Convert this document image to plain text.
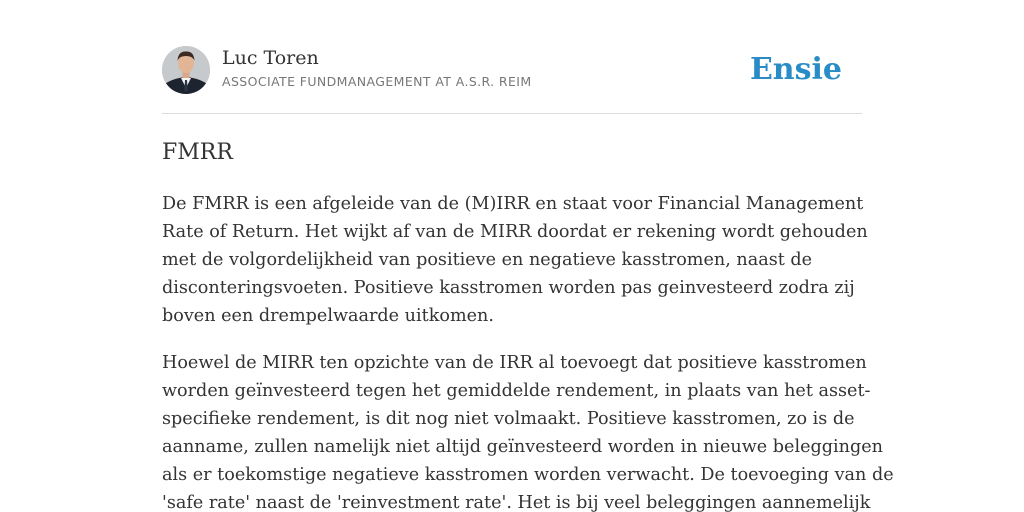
Luc Toren
ASSOCIATE FUNDMANAGEMENT AT A.S.R. REIM	Ensie
FMRR

De FMRR is een afgeleide van de (M)IRR en staat voor Financial Management
Rate of Return. Het wijkt af van de MIRR doordat er rekening wordt gehouden
met de volgordelijkheid van positieve en negatieve kasstromen, naast de
disconteringsvoeten. Positieve kasstromen worden pas geinvesteerd zodra zij
boven een drempelwaarde uitkomen.

Hoewel de MIRR ten opzichte van de IRR al toevoegt dat positieve kasstromen
worden geïnvesteerd tegen het gemiddelde rendement, in plaats van het asset-
specifieke rendement, is dit nog niet volmaakt. Positieve kasstromen, zo is de
aanname, zullen namelijk niet altijd geïnvesteerd worden in nieuwe beleggingen
als er toekomstige negatieve kasstromen worden verwacht. De toevoeging van de
'safe rate' naast de 'reinvestment rate'. Het is bij veel beleggingen aannemelijk
